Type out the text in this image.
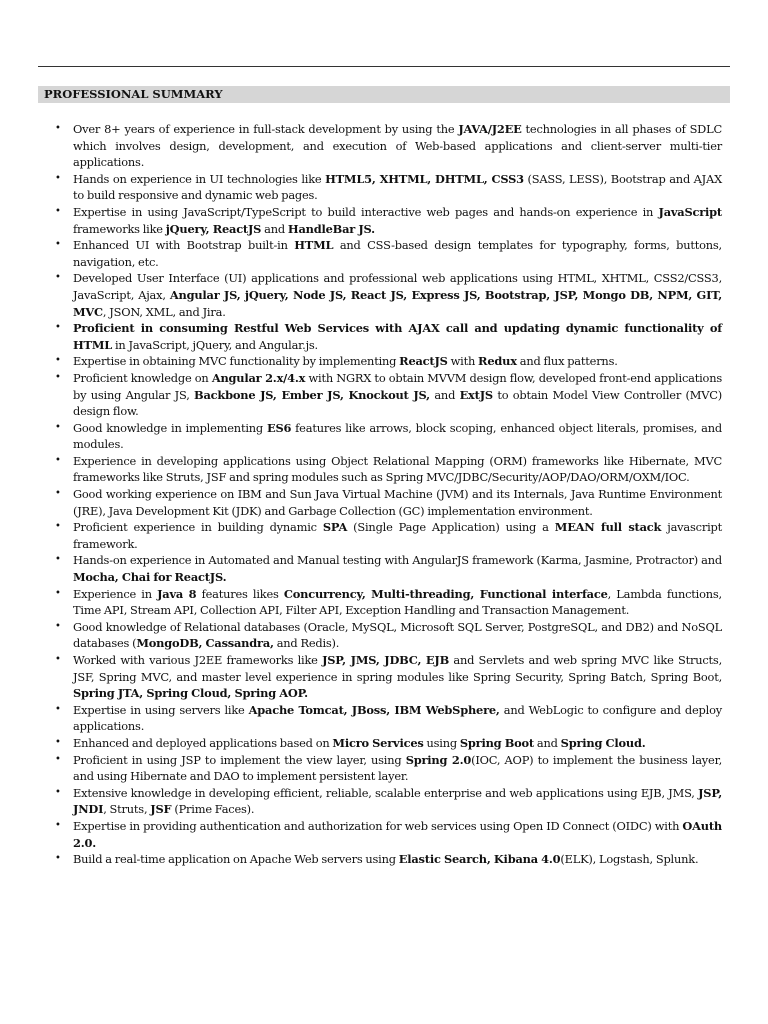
PROFESSIONAL SUMMARY
• Over 8+ years of experience in full-stack development by using the JAVA/J2EE technologies in all phases of SDLC which involves design, development, and execution of Web-based applications and client-server multi-tier applications.
• Hands on experience in UI technologies like HTML5, XHTML, DHTML, CSS3 (SASS, LESS), Bootstrap and AJAX to build responsive and dynamic web pages.
• Expertise in using JavaScript/TypeScript to build interactive web pages and hands-on experience in JavaScript frameworks like jQuery, ReactJS and HandleBar JS.
• Enhanced UI with Bootstrap built-in HTML and CSS-based design templates for typography, forms, buttons, navigation, etc.
• Developed User Interface (UI) applications and professional web applications using HTML, XHTML, CSS2/CSS3, JavaScript, Ajax, Angular JS, jQuery, Node JS, React JS, Express JS, Bootstrap, JSP, Mongo DB, NPM, GIT, MVC, JSON, XML, and Jira.
• Proficient in consuming Restful Web Services with AJAX call and updating dynamic functionality of HTML in JavaScript, jQuery, and Angular.js.
• Expertise in obtaining MVC functionality by implementing ReactJS with Redux and flux patterns.
• Proficient knowledge on Angular 2.x/4.x with NGRX to obtain MVVM design flow, developed front-end applications by using Angular JS, Backbone JS, Ember JS, Knockout JS, and ExtJS to obtain Model View Controller (MVC) design flow.
• Good knowledge in implementing ES6 features like arrows, block scoping, enhanced object literals, promises, and modules.
• Experience in developing applications using Object Relational Mapping (ORM) frameworks like Hibernate, MVC frameworks like Struts, JSF and spring modules such as Spring MVC/JDBC/Security/AOP/DAO/ORM/OXM/IOC.
• Good working experience on IBM and Sun Java Virtual Machine (JVM) and its Internals, Java Runtime Environment (JRE), Java Development Kit (JDK) and Garbage Collection (GC) implementation environment.
• Proficient experience in building dynamic SPA (Single Page Application) using a MEAN full stack javascript framework.
• Hands-on experience in Automated and Manual testing with AngularJS framework (Karma, Jasmine, Protractor) and Mocha, Chai for ReactJS.
• Experience in Java 8 features likes Concurrency, Multi-threading, Functional interface, Lambda functions, Time API, Stream API, Collection API, Filter API, Exception Handling and Transaction Management.
• Good knowledge of Relational databases (Oracle, MySQL, Microsoft SQL Server, PostgreSQL, and DB2) and NoSQL databases (MongoDB, Cassandra, and Redis).
• Worked with various J2EE frameworks like JSP, JMS, JDBC, EJB and Servlets and web spring MVC like Structs, JSF, Spring MVC, and master level experience in spring modules like Spring Security, Spring Batch, Spring Boot, Spring JTA, Spring Cloud, Spring AOP.
• Expertise in using servers like Apache Tomcat, JBoss, IBM WebSphere, and WebLogic to configure and deploy applications.
• Enhanced and deployed applications based on Micro Services using Spring Boot and Spring Cloud.
• Proficient in using JSP to implement the view layer, using Spring 2.0(IOC, AOP) to implement the business layer, and using Hibernate and DAO to implement persistent layer.
• Extensive knowledge in developing efficient, reliable, scalable enterprise and web applications using EJB, JMS, JSP, JNDI, Struts, JSF (Prime Faces).
• Expertise in providing authentication and authorization for web services using Open ID Connect (OIDC) with OAuth 2.0.
• Build a real-time application on Apache Web servers using Elastic Search, Kibana 4.0(ELK), Logstash, Splunk.
